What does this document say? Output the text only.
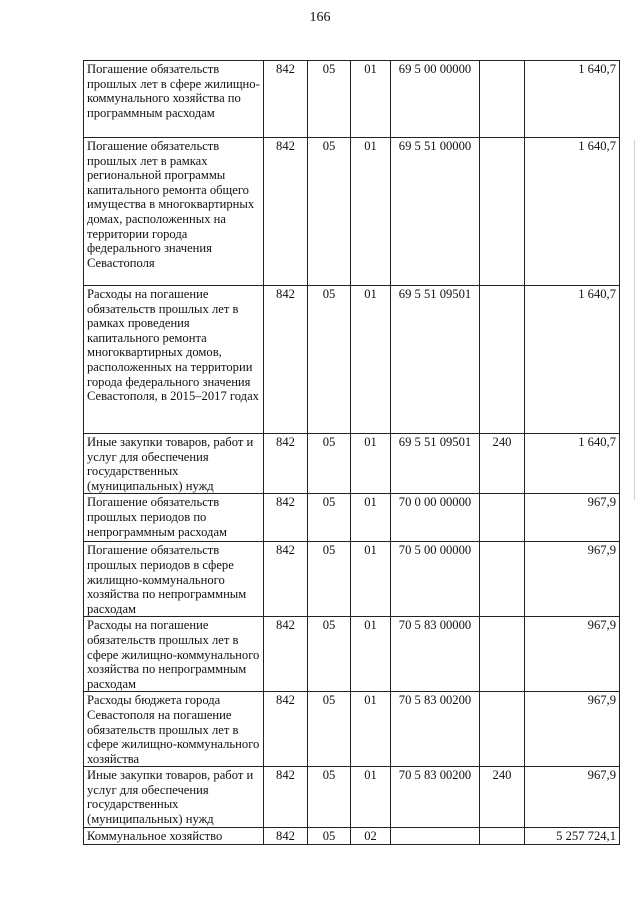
166
Погашение обязательств прошлых лет в сфере жилищно-коммунального хозяйства по программным расходам	842	05	01	69 5 00 00000		1 640,7
Погашение обязательств прошлых лет в рамках региональной программы капитального ремонта общего имущества в многоквартирных домах, расположенных на территории города федерального значения Севастополя	842	05	01	69 5 51 00000		1 640,7
Расходы на погашение обязательств прошлых лет в рамках проведения капитального ремонта многоквартирных домов, расположенных на территории города федерального значения Севастополя, в 2015–2017 годах	842	05	01	69 5 51 09501		1 640,7
Иные закупки товаров, работ и услуг для обеспечения государственных (муниципальных) нужд	842	05	01	69 5 51 09501	240	1 640,7
Погашение обязательств прошлых периодов по непрограммным расходам	842	05	01	70 0 00 00000		967,9
Погашение обязательств прошлых периодов в сфере жилищно-коммунального хозяйства по непрограммным расходам	842	05	01	70 5 00 00000		967,9
Расходы на погашение обязательств прошлых лет в сфере жилищно-коммунального хозяйства по непрограммным расходам	842	05	01	70 5 83 00000		967,9
Расходы бюджета города Севастополя на погашение обязательств прошлых лет в сфере жилищно-коммунального хозяйства	842	05	01	70 5 83 00200		967,9
Иные закупки товаров, работ и услуг для обеспечения государственных (муниципальных) нужд	842	05	01	70 5 83 00200	240	967,9
Коммунальное хозяйство	842	05	02			5 257 724,1
